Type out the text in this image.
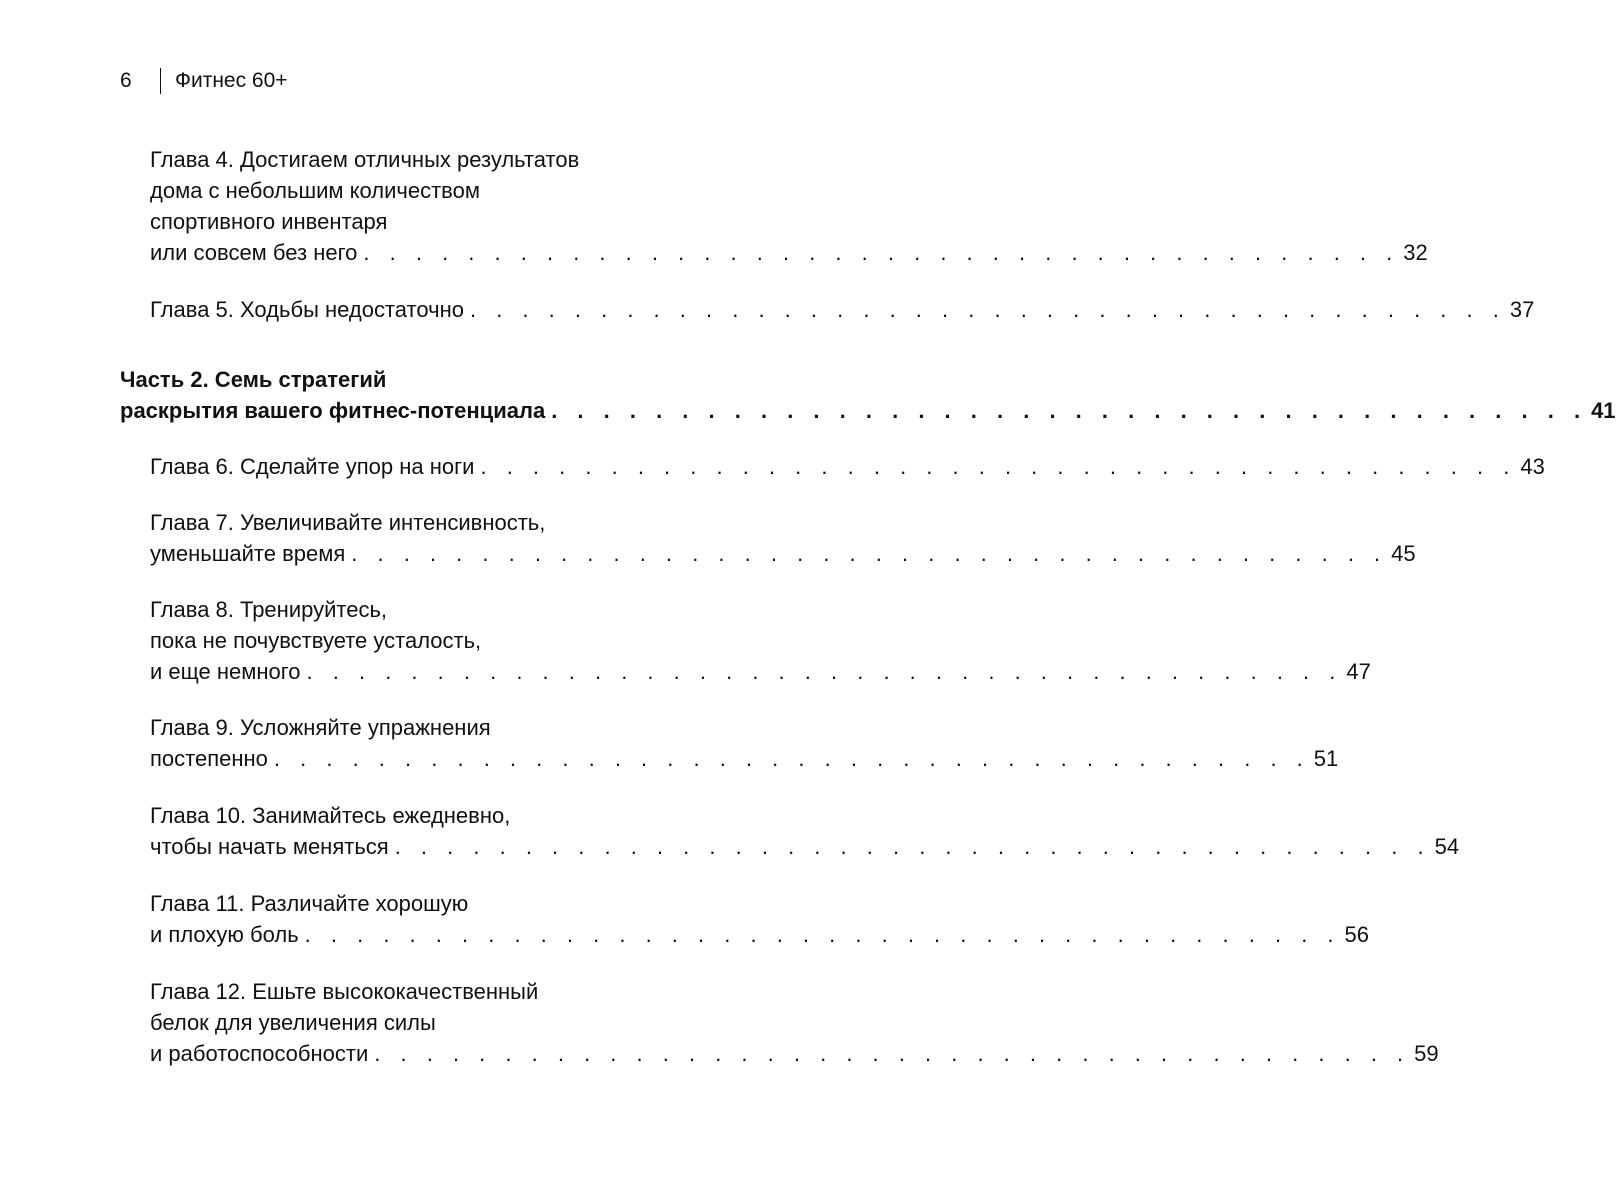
6	Фитнес 60+
Глава 4. Достигаем отличных результатов
дома с небольшим количеством
спортивного инвентаря
или совсем без него . . . . . . . . . . . . . . . . . . . . . . . . . . . . . . . . . . . . . . . . 32
Глава 5. Ходьбы недостаточно . . . . . . . . . . . . . . . . . . . . . . . . . . . . . . . . . . . . . . . . 37
Часть 2. Семь стратегий
раскрытия вашего фитнес-потенциала . . . . . . . . . . . . . . . . . . . . . . . . . . . . . . . . . . . . . . . . 41
Глава 6. Сделайте упор на ноги . . . . . . . . . . . . . . . . . . . . . . . . . . . . . . . . . . . . . . . . 43
Глава 7. Увеличивайте интенсивность,
уменьшайте время . . . . . . . . . . . . . . . . . . . . . . . . . . . . . . . . . . . . . . . . 45
Глава 8. Тренируйтесь,
пока не почувствуете усталость,
и еще немного . . . . . . . . . . . . . . . . . . . . . . . . . . . . . . . . . . . . . . . . 47
Глава 9. Усложняйте упражнения
постепенно . . . . . . . . . . . . . . . . . . . . . . . . . . . . . . . . . . . . . . . . 51
Глава 10. Занимайтесь ежедневно,
чтобы начать меняться . . . . . . . . . . . . . . . . . . . . . . . . . . . . . . . . . . . . . . . . 54
Глава 11. Различайте хорошую
и плохую боль . . . . . . . . . . . . . . . . . . . . . . . . . . . . . . . . . . . . . . . . 56
Глава 12. Ешьте высококачественный
белок для увеличения силы
и работоспособности . . . . . . . . . . . . . . . . . . . . . . . . . . . . . . . . . . . . . . . . 59
